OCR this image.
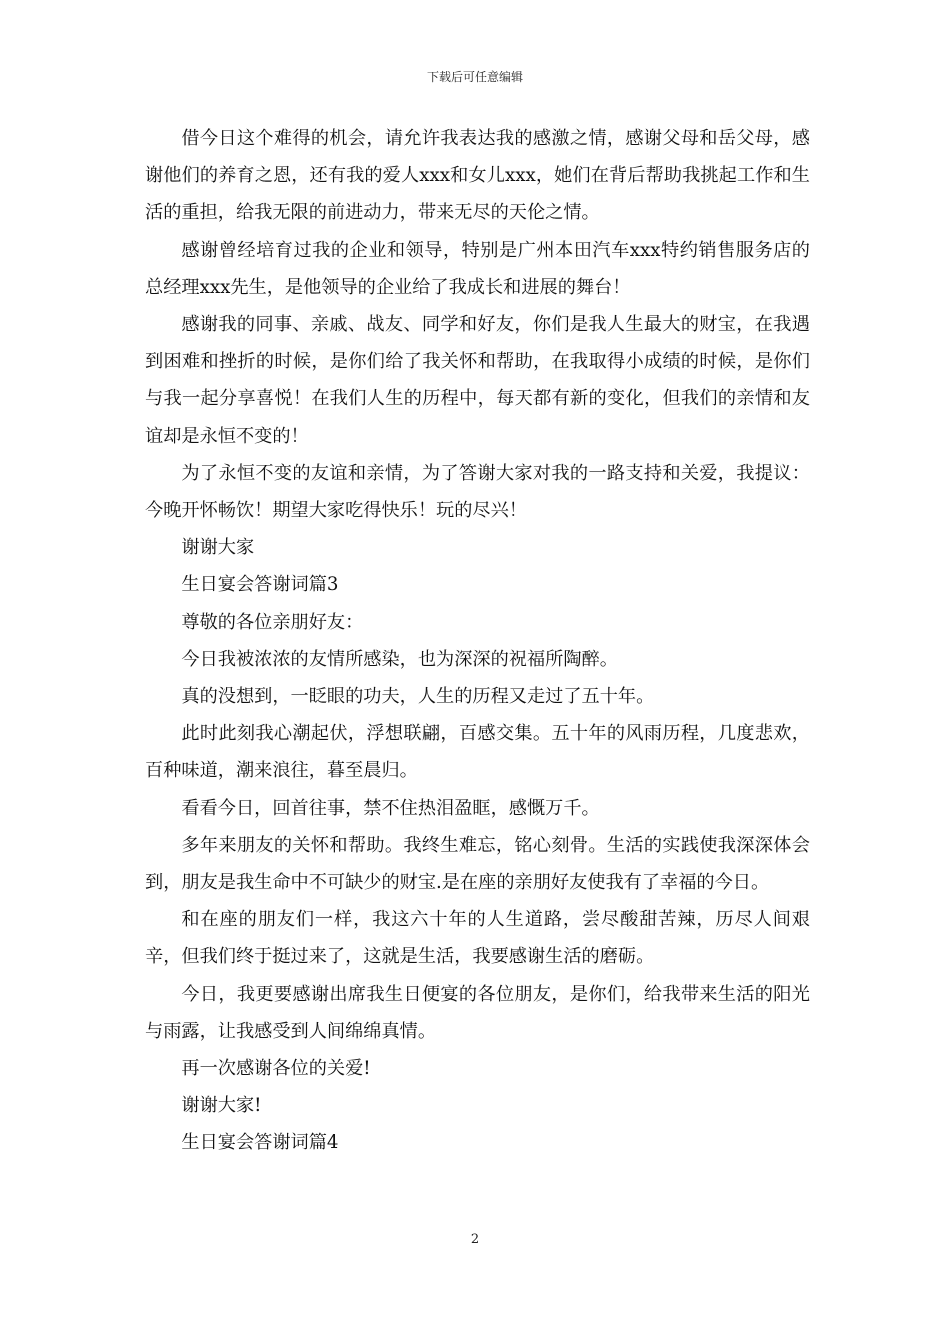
下载后可任意编辑

借今日这个难得的机会，请允许我表达我的感激之情，感谢父母和岳父母，感谢他们的养育之恩，还有我的爱人xxx和女儿xxx，她们在背后帮助我挑起工作和生活的重担，给我无限的前进动力，带来无尽的天伦之情。

感谢曾经培育过我的企业和领导，特别是广州本田汽车xxx特约销售服务店的总经理xxx先生，是他领导的企业给了我成长和进展的舞台！

感谢我的同事、亲戚、战友、同学和好友，你们是我人生最大的财宝，在我遇到困难和挫折的时候，是你们给了我关怀和帮助，在我取得小成绩的时候，是你们与我一起分享喜悦！在我们人生的历程中，每天都有新的变化，但我们的亲情和友谊却是永恒不变的！

为了永恒不变的友谊和亲情，为了答谢大家对我的一路支持和关爱，我提议：今晚开怀畅饮！期望大家吃得快乐！玩的尽兴！

谢谢大家

生日宴会答谢词篇3

尊敬的各位亲朋好友：

今日我被浓浓的友情所感染，也为深深的祝福所陶醉。

真的没想到，一眨眼的功夫，人生的历程又走过了五十年。

此时此刻我心潮起伏，浮想联翩，百感交集。五十年的风雨历程，几度悲欢，百种味道，潮来浪往，暮至晨归。

看看今日，回首往事，禁不住热泪盈眶，感慨万千。

多年来朋友的关怀和帮助。我终生难忘，铭心刻骨。生活的实践使我深深体会到，朋友是我生命中不可缺少的财宝.是在座的亲朋好友使我有了幸福的今日。

和在座的朋友们一样，我这六十年的人生道路，尝尽酸甜苦辣，历尽人间艰辛，但我们终于挺过来了，这就是生活，我要感谢生活的磨砺。

今日，我更要感谢出席我生日便宴的各位朋友，是你们，给我带来生活的阳光与雨露，让我感受到人间绵绵真情。

再一次感谢各位的关爱!

谢谢大家!

生日宴会答谢词篇4

2
